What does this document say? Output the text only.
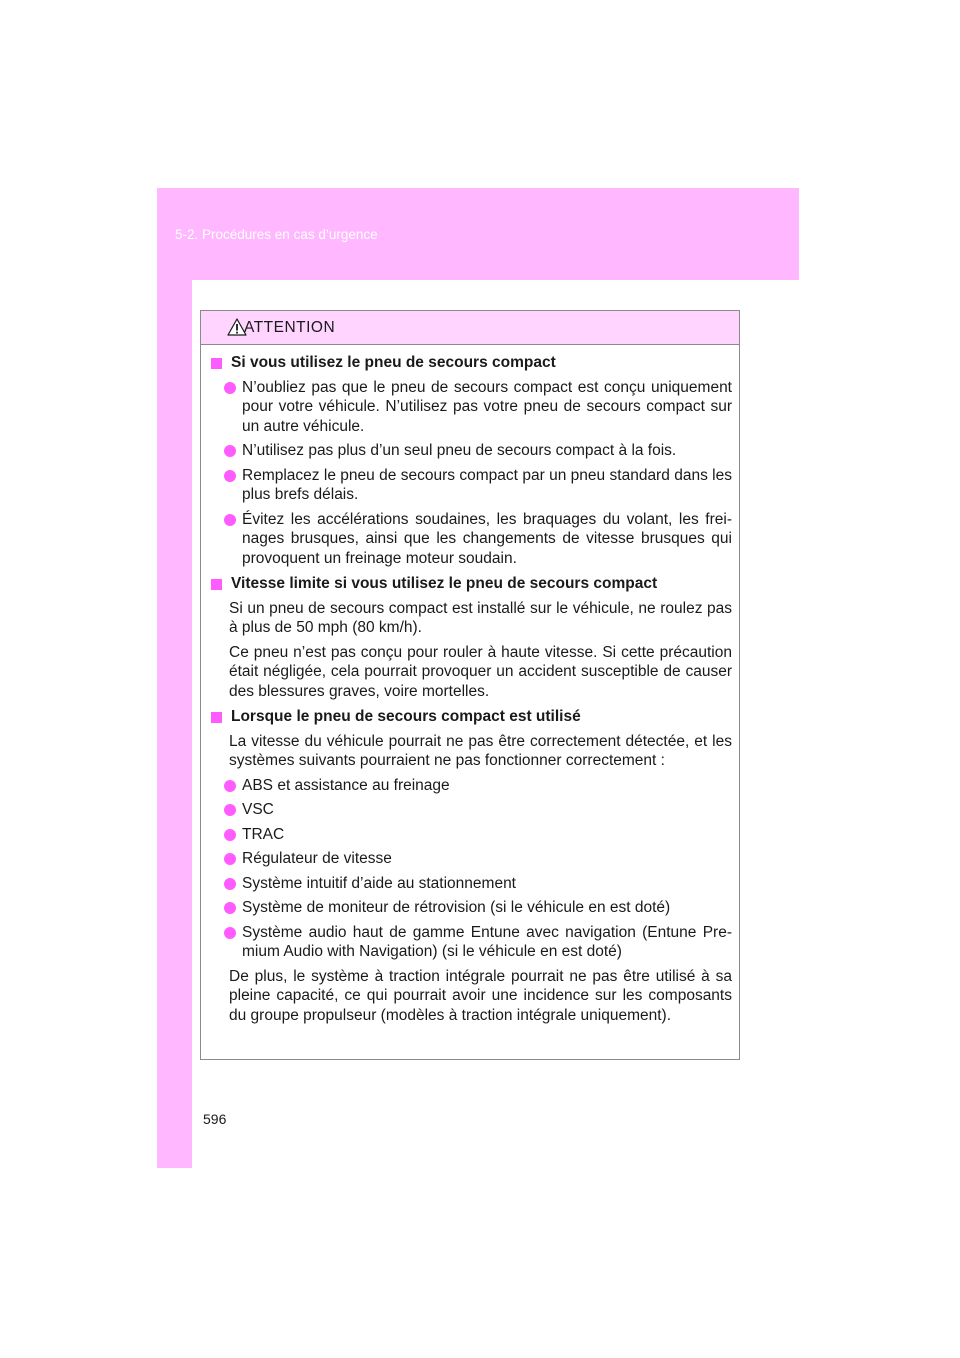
5-2. Procédures en cas d’urgence
ATTENTION
Si vous utilisez le pneu de secours compact
N’oubliez pas que le pneu de secours compact est conçu uniquement pour votre véhicule. N’utilisez pas votre pneu de secours compact sur un autre véhicule.
N’utilisez pas plus d’un seul pneu de secours compact à la fois.
Remplacez le pneu de secours compact par un pneu standard dans les plus brefs délais.
Évitez les accélérations soudaines, les braquages du volant, les frei-nages brusques, ainsi que les changements de vitesse brusques qui provoquent un freinage moteur soudain.
Vitesse limite si vous utilisez le pneu de secours compact
Si un pneu de secours compact est installé sur le véhicule, ne roulez pas à plus de 50 mph (80 km/h).
Ce pneu n’est pas conçu pour rouler à haute vitesse. Si cette précaution était négligée, cela pourrait provoquer un accident susceptible de causer des blessures graves, voire mortelles.
Lorsque le pneu de secours compact est utilisé
La vitesse du véhicule pourrait ne pas être correctement détectée, et les systèmes suivants pourraient ne pas fonctionner correctement :
ABS et assistance au freinage
VSC
TRAC
Régulateur de vitesse
Système intuitif d’aide au stationnement
Système de moniteur de rétrovision (si le véhicule en est doté)
Système audio haut de gamme Entune avec navigation (Entune Pre-mium Audio with Navigation) (si le véhicule en est doté)
De plus, le système à traction intégrale pourrait ne pas être utilisé à sa pleine capacité, ce qui pourrait avoir une incidence sur les composants du groupe propulseur (modèles à traction intégrale uniquement).
596
